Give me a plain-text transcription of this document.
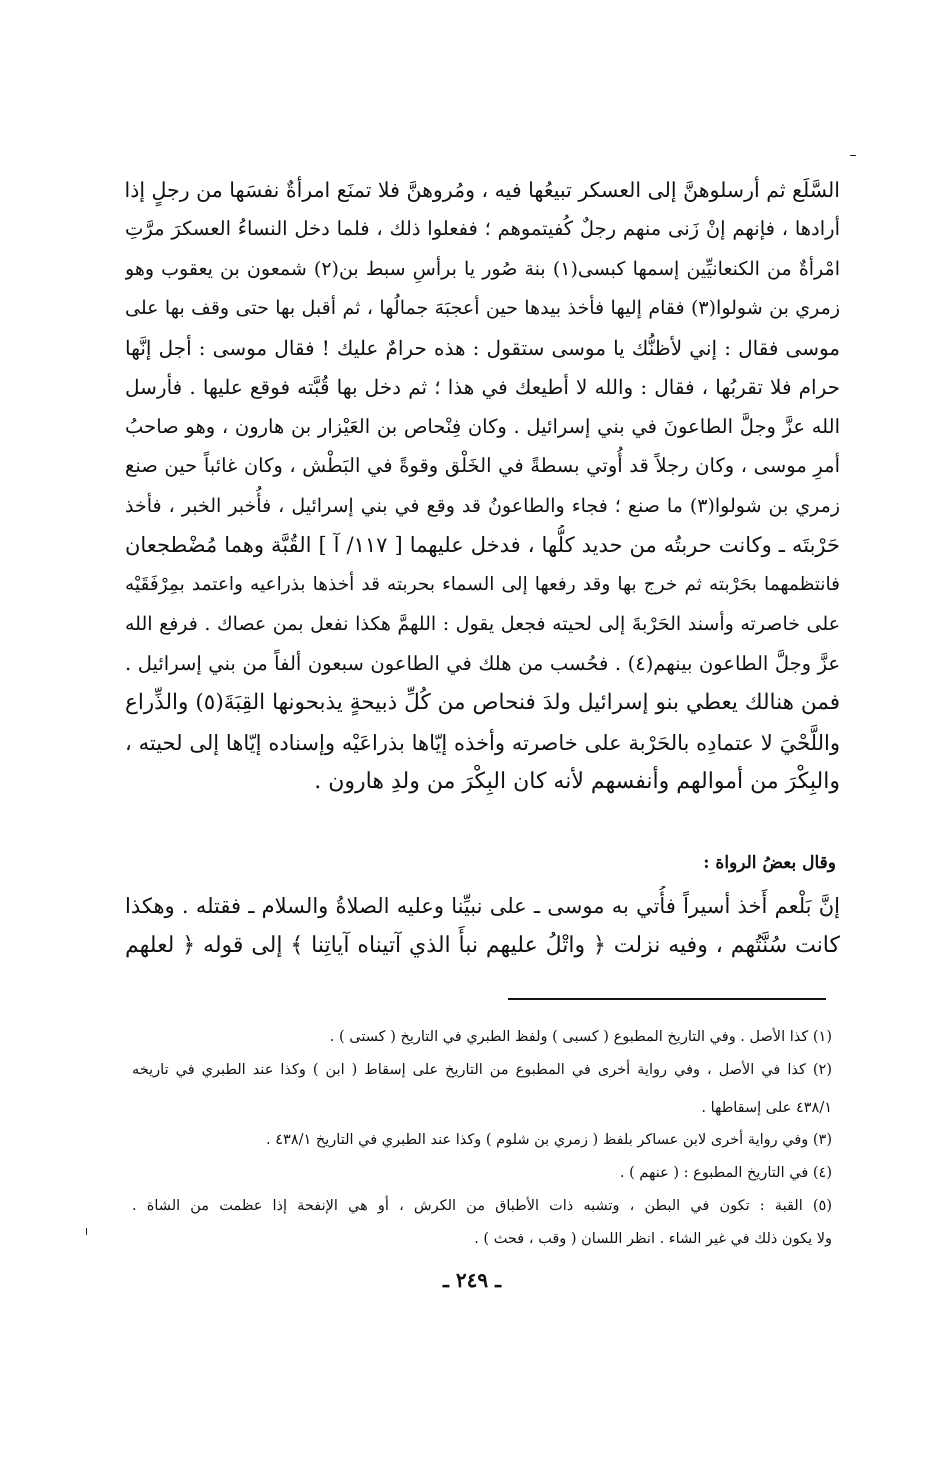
السَّلَع ثم أرسلوهنَّ إلى العسكر تبيعُها فيه ، ومُروهنَّ فلا تمنَع امرأةٌ نفسَها من رجلٍ إذا

أرادها ، فإنهم إنْ زَنى منهم رجلٌ كُفيتموهم ؛ ففعلوا ذلك ، فلما دخل النساءُ العسكرَ مرَّتِ

امْرأةٌ من الكنعانيِّين إسمها كبسى(١) بنة صُور يا برأسِ سبط بن(٢) شمعون بن يعقوب وهو

زمري بن شولوا(٣) فقام إليها فأخذ بيدها حين أعجبَهَ جمالُها ، ثم أقبل بها حتى وقف بها على

موسى فقال : إني لأظنُّك يا موسى ستقول : هذه حرامٌ عليك ! فقال موسى : أجل إنَّها

حرام فلا تقربُها ، فقال : والله لا أطيعك في هذا ؛ ثم دخل بها قُبَّته فوقع عليها . فأرسل

الله عزَّ وجلَّ الطاعونَ في بني إسرائيل . وكان فِنْحاص بن العَيْزار بن هارون ، وهو صاحبُ

أمرِ موسى ، وكان رجلاً قد أُوتي بسطةً في الخَلْق وقوةً في البَطْش ، وكان غائباً حين صنع

زمري بن شولوا(٣) ما صنع ؛ فجاء والطاعونُ قد وقع في بني إسرائيل ، فأُخبر الخبر ، فأخذ

حَرْبتَه ـ وكانت حربتُه من حديد كلُّها ، فدخل عليهما [ ١١٧/ آ ] القُبَّة وهما مُضْطجعان

فانتظمهما بحَرْبته ثم خرج بها وقد رفعها إلى السماء بحربته قد أخذها بذراعيه واعتمد بمِرْفَقَيْه

على خاصرته وأسند الحَرْبةَ إلى لحيته فجعل يقول : اللهمَّ هكذا نفعل بمن عصاك . فرفع الله

عزَّ وجلَّ الطاعون بينهم(٤) . فحُسب من هلك في الطاعون سبعون ألفاً من بني إسرائيل .

فمن هنالك يعطي بنو إسرائيل ولدَ فنحاص من كُلِّ ذبيحةٍ يذبحونها القِبَةَ(٥) والذِّراع

واللَّحْيَ لا عتمادِه بالحَرْبة على خاصرته وأخذه إيّاها بذراعَيْه وإسناده إيّاها إلى لحيته ،

والبِكْرَ من أموالهم وأنفسهم لأنه كان البِكْرَ من ولدِ هارون .

وقال بعضُ الرواة :

إنَّ بَلْعم أَخذ أسيراً فأُتي به موسى ـ على نبيِّنا وعليه الصلاةُ والسلام ـ فقتله . وهكذا

كانت سُنَّتُهم ، وفيه نزلت ﴿ واتْلُ عليهم نبأَ الذي آتيناه آياتِنا ﴾ إلى قوله ﴿ لعلهم

(١) كذا الأصل . وفي التاريخ المطبوع ( كسبى ) ولفظ الطبري في التاريخ ( كستى ) .

(٢) كذا في الأصل ، وفي رواية أخرى في المطبوع من التاريخ على إسقاط ( ابن ) وكذا عند الطبري في تاريخه

٤٣٨/١ على إسقاطها .

(٣) وفي رواية أخرى لابن عساكر بلفظ ( زمري بن شلوم ) وكذا عند الطبري في التاريخ ٤٣٨/١ .

(٤) في التاريخ المطبوع : ( عنهم ) .

(٥) القبة : تكون في البطن ، وتشبه ذات الأطباق من الكرش ، أو هي الإنفحة إذا عظمت من الشاة .

ولا يكون ذلك في غير الشاء . انظر اللسان ( وقب ، فحث ) .

ـ ٢٤٩ ـ
